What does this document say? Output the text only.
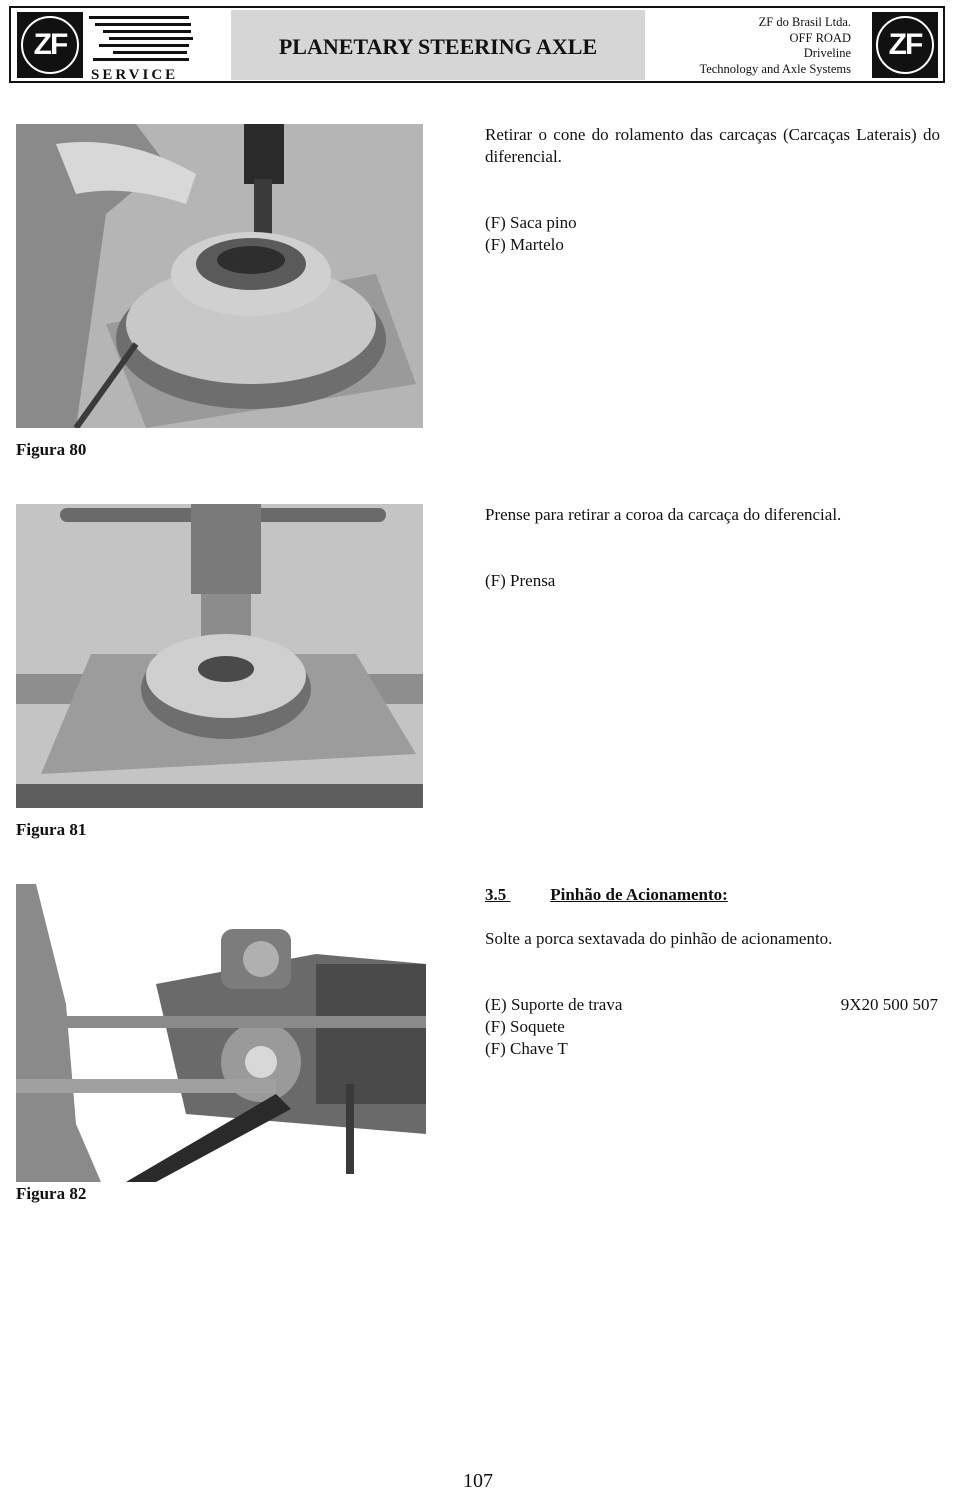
ZF
SERVICE
PLANETARY STEERING AXLE
ZF do Brasil Ltda.
OFF ROAD
Driveline
Technology and Axle Systems
ZF
Retirar o cone do rolamento das carcaças (Carcaças Laterais) do diferencial.
(F) Saca pino
(F) Martelo
Figura 80
Prense para retirar a coroa da carcaça do diferencial.
(F) Prensa
Figura 81
3.5	Pinhão de Acionamento:
Solte a porca sextavada do pinhão de acionamento.
(E) Suporte de trava	9X20 500 507
(F) Soquete
(F) Chave T
Figura 82
107
